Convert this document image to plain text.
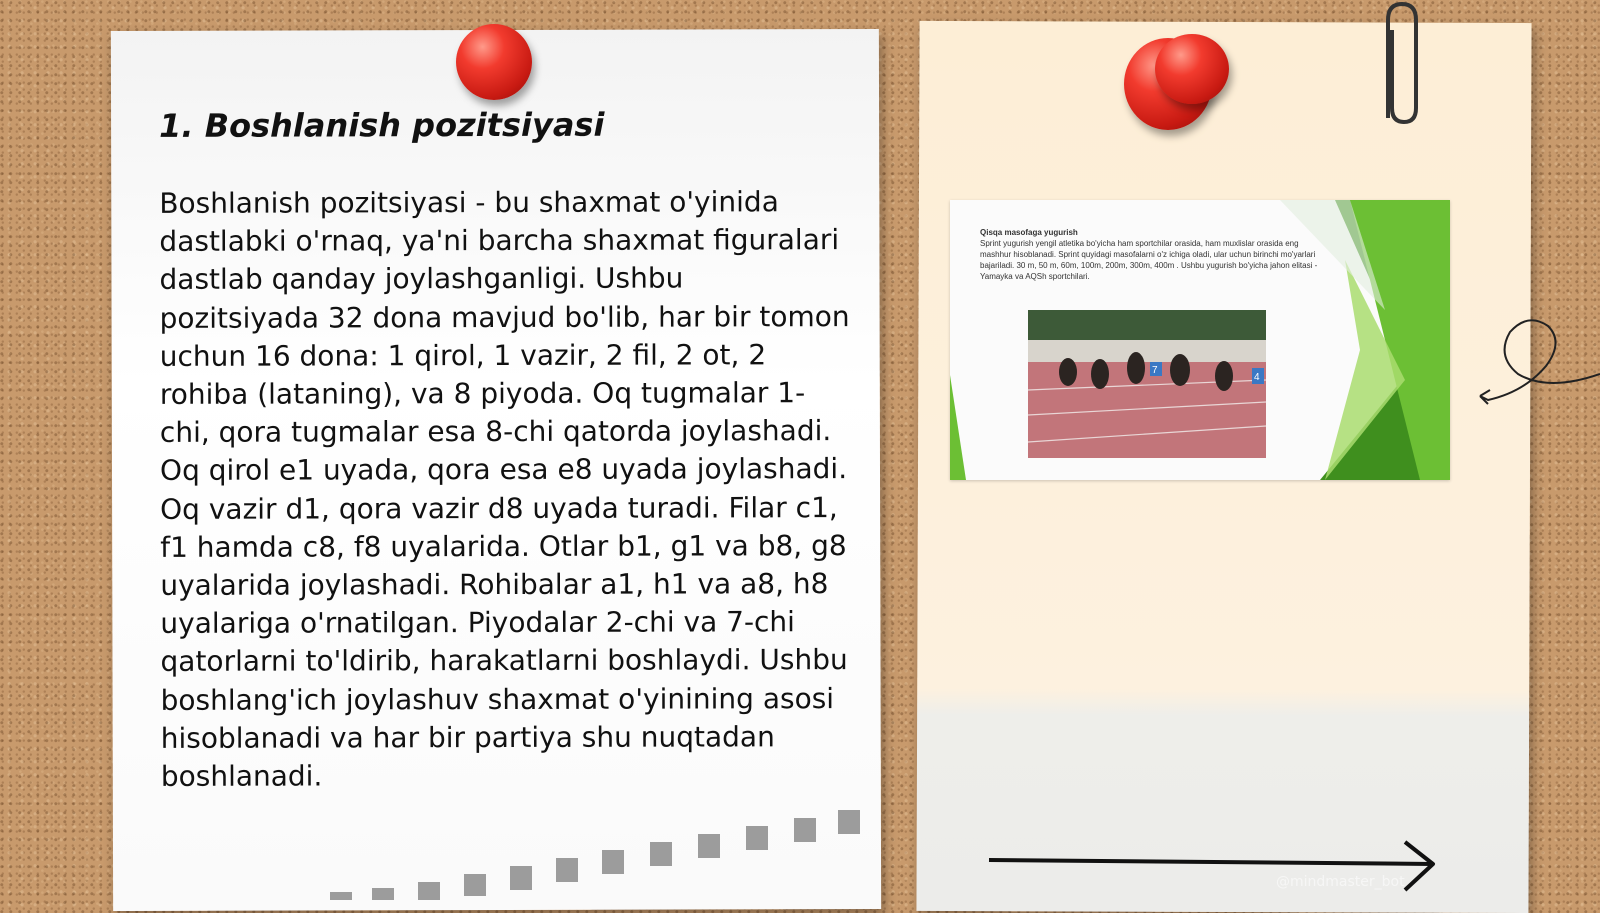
1. Boshlanish pozitsiyasi

Boshlanish pozitsiyasi - bu shaxmat o'yinida dastlabki o'rnaq, ya'ni barcha shaxmat figuralari dastlab qanday joylashganligi. Ushbu pozitsiyada 32 dona mavjud bo'lib, har bir tomon uchun 16 dona: 1 qirol, 1 vazir, 2 fil, 2 ot, 2 rohiba (lataning), va 8 piyoda. Oq tugmalar 1-chi, qora tugmalar esa 8-chi qatorda joylashadi. Oq qirol e1 uyada, qora esa e8 uyada joylashadi. Oq vazir d1, qora vazir d8 uyada turadi. Filar c1, f1 hamda c8, f8 uyalarida. Otlar b1, g1 va b8, g8 uyalarida joylashadi. Rohibalar a1, h1 va a8, h8 uyalariga o'rnatilgan. Piyodalar 2-chi va 7-chi qatorlarni to'ldirib, harakatlarni boshlaydi. Ushbu boshlang'ich joylashuv shaxmat o'yinining asosi hisoblanadi va har bir partiya shu nuqtadan boshlanadi.

Qisqa masofaga yugurish
Sprint yugurish yengil atletika bo'yicha ham sportchilar orasida, ham muxlislar orasida eng mashhur hisoblanadi. Sprint quyidagi masofalarni o'z ichiga oladi, ular uchun birinchi mo'yarlari bajariladi. 30 m, 50 m, 60m, 100m, 200m, 300m, 400m . Ushbu yugurish bo'yicha jahon elitasi - Yamayka va AQSh sportchilari.
7
4
@mindmaster_bot
